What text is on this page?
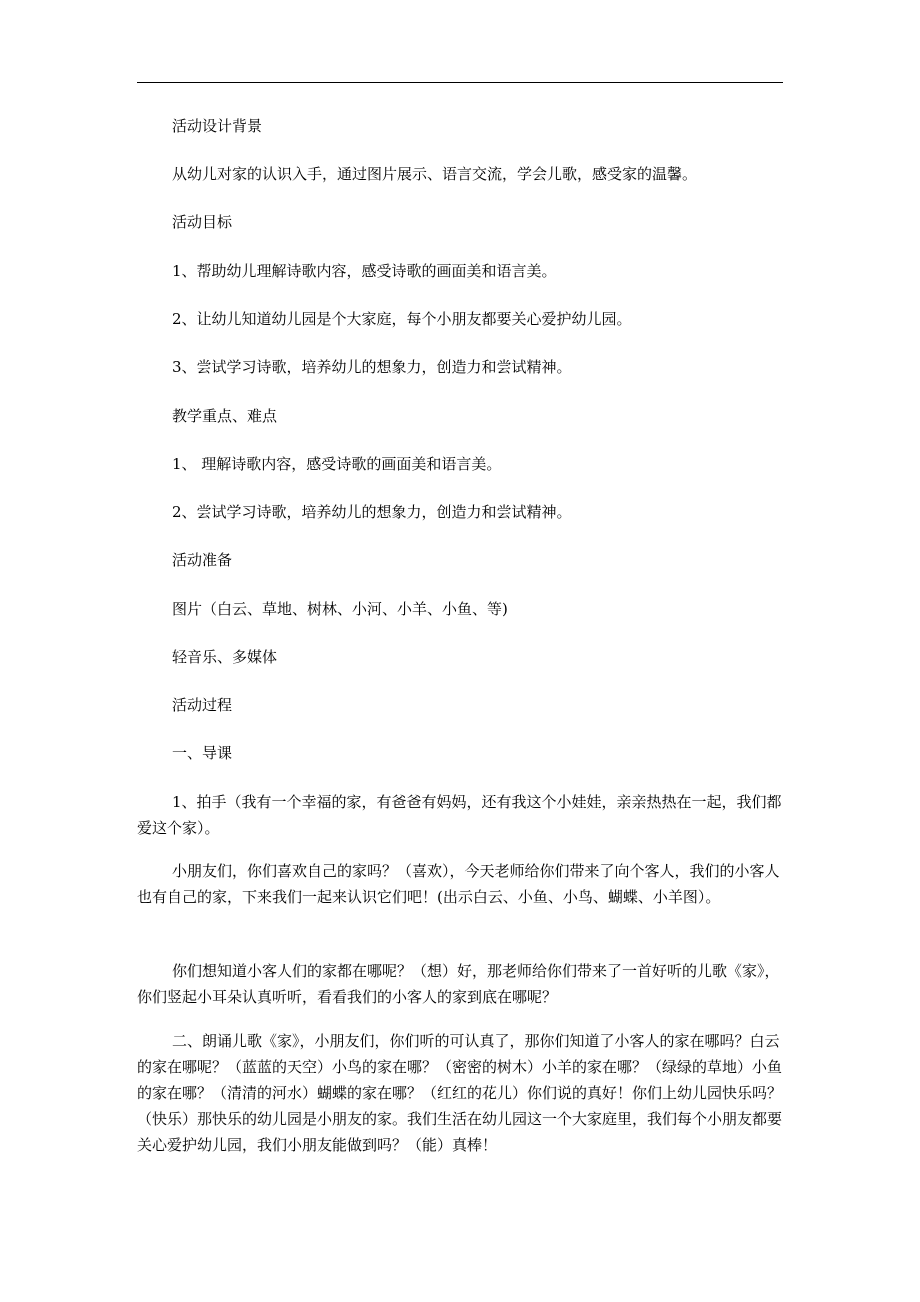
活动设计背景

从幼儿对家的认识入手，通过图片展示、语言交流，学会儿歌，感受家的温馨。

活动目标

1、帮助幼儿理解诗歌内容，感受诗歌的画面美和语言美。

2、让幼儿知道幼儿园是个大家庭，每个小朋友都要关心爱护幼儿园。

3、尝试学习诗歌，培养幼儿的想象力，创造力和尝试精神。

教学重点、难点

1、 理解诗歌内容，感受诗歌的画面美和语言美。

2、尝试学习诗歌，培养幼儿的想象力，创造力和尝试精神。

活动准备

图片（白云、草地、树林、小河、小羊、小鱼、等)

轻音乐、多媒体

活动过程

一、导课

1、拍手（我有一个幸福的家，有爸爸有妈妈，还有我这个小娃娃，亲亲热热在一起，我们都爱这个家）。

小朋友们，你们喜欢自己的家吗？（喜欢），今天老师给你们带来了向个客人，我们的小客人也有自己的家，下来我们一起来认识它们吧！(出示白云、小鱼、小鸟、蝴蝶、小羊图）。

你们想知道小客人们的家都在哪呢？（想）好，那老师给你们带来了一首好听的儿歌《家》，你们竖起小耳朵认真听听，看看我们的小客人的家到底在哪呢？

二、朗诵儿歌《家》，小朋友们，你们听的可认真了，那你们知道了小客人的家在哪吗？白云的家在哪呢？（蓝蓝的天空）小鸟的家在哪？（密密的树木）小羊的家在哪？（绿绿的草地）小鱼的家在哪？（清清的河水）蝴蝶的家在哪？（红红的花儿）你们说的真好！你们上幼儿园快乐吗？（快乐）那快乐的幼儿园是小朋友的家。我们生活在幼儿园这一个大家庭里，我们每个小朋友都要关心爱护幼儿园，我们小朋友能做到吗？（能）真棒！
